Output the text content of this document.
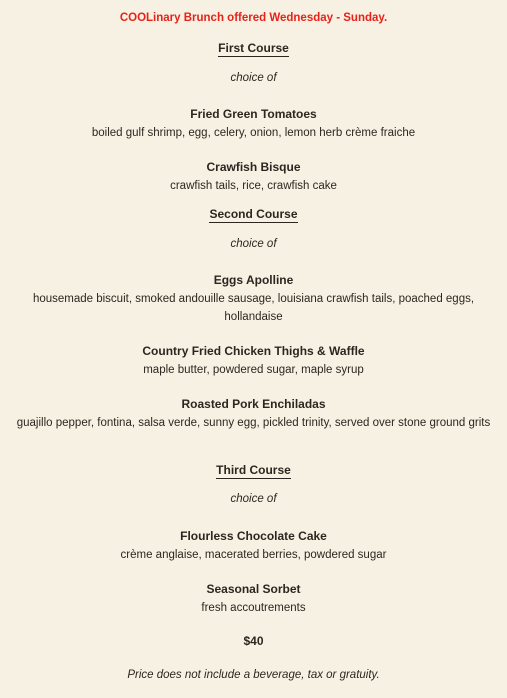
COOLinary Brunch offered Wednesday - Sunday.
First Course
choice of
Fried Green Tomatoes
boiled gulf shrimp, egg, celery, onion, lemon herb crème fraiche
Crawfish Bisque
crawfish tails, rice, crawfish cake
Second Course
choice of
Eggs Apolline
housemade biscuit, smoked andouille sausage, louisiana crawfish tails, poached eggs, hollandaise
Country Fried Chicken Thighs & Waffle
maple butter, powdered sugar, maple syrup
Roasted Pork Enchiladas
guajillo pepper, fontina, salsa verde, sunny egg, pickled trinity, served over stone ground grits
Third Course
choice of
Flourless Chocolate Cake
crème anglaise, macerated berries, powdered sugar
Seasonal Sorbet
fresh accoutrements
$40
Price does not include a beverage, tax or gratuity.
